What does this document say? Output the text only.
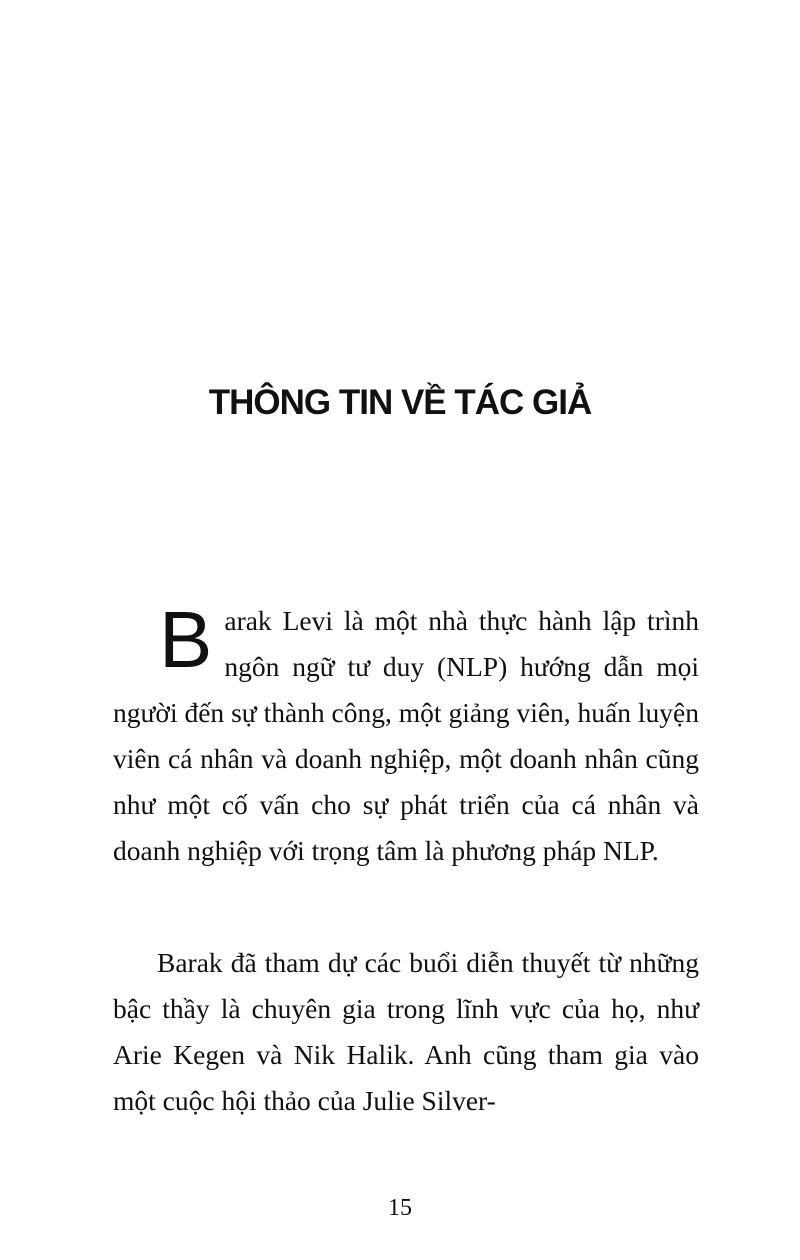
THÔNG TIN VỀ TÁC GIẢ

Barak Levi là một nhà thực hành lập trình ngôn ngữ tư duy (NLP) hướng dẫn mọi người đến sự thành công, một giảng viên, huấn luyện viên cá nhân và doanh nghiệp, một doanh nhân cũng như một cố vấn cho sự phát triển của cá nhân và doanh nghiệp với trọng tâm là phương pháp NLP.

Barak đã tham dự các buổi diễn thuyết từ những bậc thầy là chuyên gia trong lĩnh vực của họ, như Arie Kegen và Nik Halik. Anh cũng tham gia vào một cuộc hội thảo của Julie Silver-

15
